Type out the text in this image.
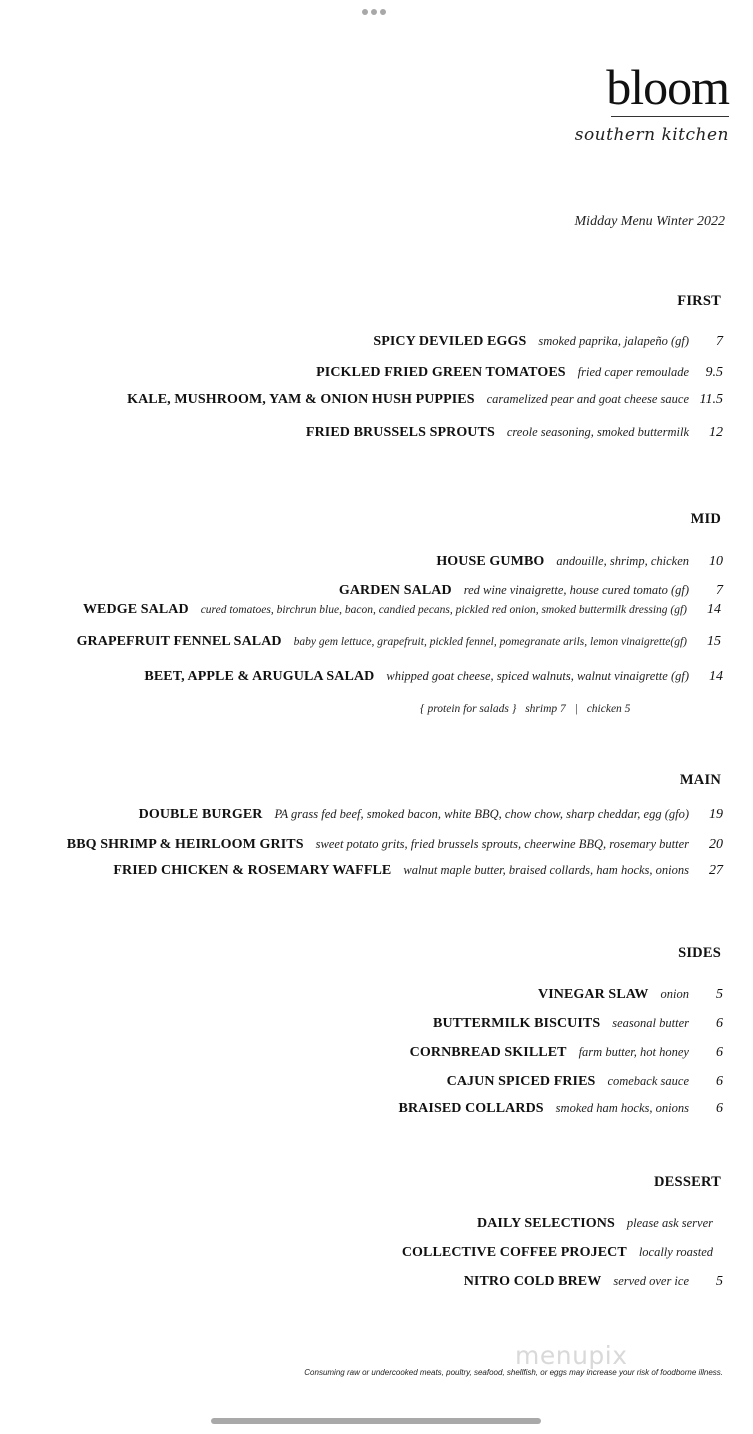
bloom
southern kitchen
Midday Menu Winter 2022
FIRST
SPICY DEVILED EGGS smoked paprika, jalapeño (gf)	7
PICKLED FRIED GREEN TOMATOES fried caper remoulade	9.5
KALE, MUSHROOM, YAM & ONION HUSH PUPPIES caramelized pear and goat cheese sauce 11.5
FRIED BRUSSELS SPROUTS creole seasoning, smoked buttermilk	12
MID
HOUSE GUMBO andouille, shrimp, chicken	10
GARDEN SALAD red wine vinaigrette, house cured tomato (gf)	7
WEDGE SALAD cured tomatoes, birchrun blue, bacon, candied pecans, pickled red onion, smoked buttermilk dressing (gf)	14
GRAPEFRUIT FENNEL SALAD baby gem lettuce, grapefruit, pickled fennel, pomegranate arils, lemon vinaigrette(gf)	15
BEET, APPLE & ARUGULA SALAD whipped goat cheese, spiced walnuts, walnut vinaigrette (gf)	14
{ protein for salads } shrimp 7 | chicken 5
MAIN
DOUBLE BURGER PA grass fed beef, smoked bacon, white BBQ, chow chow, sharp cheddar, egg (gfo)	19
BBQ SHRIMP & HEIRLOOM GRITS sweet potato grits, fried brussels sprouts, cheerwine BBQ, rosemary butter	20
FRIED CHICKEN & ROSEMARY WAFFLE walnut maple butter, braised collards, ham hocks, onions	27
SIDES
VINEGAR SLAW onion	5
BUTTERMILK BISCUITS seasonal butter	6
CORNBREAD SKILLET farm butter, hot honey	6
CAJUN SPICED FRIES comeback sauce	6
BRAISED COLLARDS smoked ham hocks, onions	6
DESSERT
DAILY SELECTIONS please ask server
COLLECTIVE COFFEE PROJECT locally roasted
NITRO COLD BREW served over ice	5
menupix
Consuming raw or undercooked meats, poultry, seafood, shellfish, or eggs may increase your risk of foodborne illness.
